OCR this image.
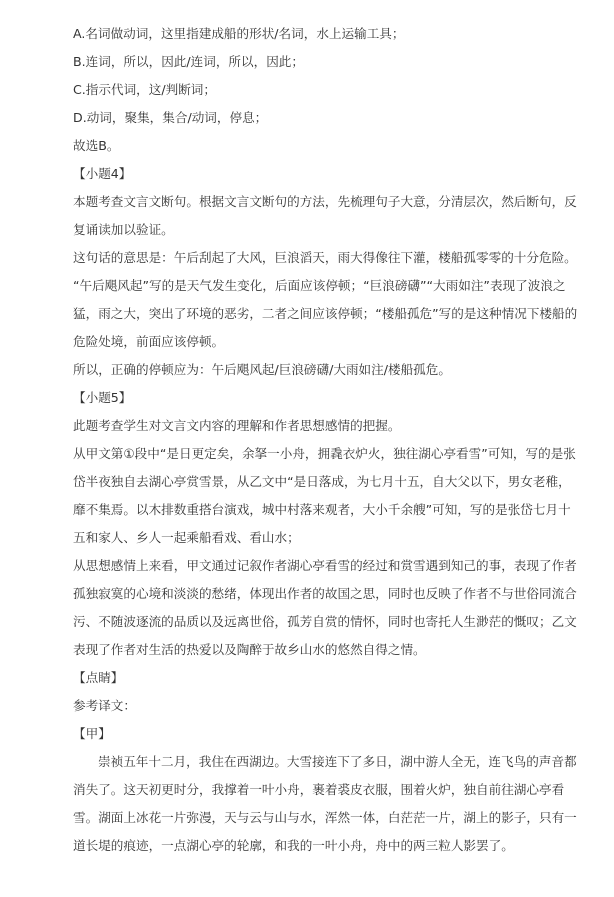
A.名词做动词，这里指建成船的形状/名词，水上运输工具；

B.连词，所以，因此/连词，所以，因此；

C.指示代词，这/判断词；

D.动词，聚集，集合/动词，停息；

故选B。

【小题4】

本题考查文言文断句。根据文言文断句的方法，先梳理句子大意，分清层次，然后断句，反复诵读加以验证。

这句话的意思是：午后刮起了大风，巨浪滔天，雨大得像往下灌，楼船孤零零的十分危险。

“午后飓风起”写的是天气发生变化，后面应该停顿；“巨浪磅礴”“大雨如注”表现了波浪之猛，雨之大，突出了环境的恶劣，二者之间应该停顿；“楼船孤危”写的是这种情况下楼船的危险处境，前面应该停顿。

所以，正确的停顿应为：午后飓风起/巨浪磅礴/大雨如注/楼船孤危。

【小题5】

此题考查学生对文言文内容的理解和作者思想感情的把握。

从甲文第①段中“是日更定矣，余拏一小舟，拥毳衣炉火，独往湖心亭看雪”可知，写的是张岱半夜独自去湖心亭赏雪景，从乙文中“是日落成，为七月十五，自大父以下，男女老稚，靡不集焉。以木排数重搭台演戏，城中村落来观者，大小千余艘”可知，写的是张岱七月十五和家人、乡人一起乘船看戏、看山水；

从思想感情上来看，甲文通过记叙作者湖心亭看雪的经过和赏雪遇到知己的事，表现了作者孤独寂寞的心境和淡淡的愁绪，体现出作者的故国之思，同时也反映了作者不与世俗同流合污、不随波逐流的品质以及远离世俗，孤芳自赏的情怀，同时也寄托人生渺茫的慨叹；乙文表现了作者对生活的热爱以及陶醉于故乡山水的悠然自得之情。

【点睛】

参考译文：

【甲】

崇祯五年十二月，我住在西湖边。大雪接连下了多日，湖中游人全无，连飞鸟的声音都消失了。这天初更时分，我撑着一叶小舟，裹着裘皮衣服，围着火炉，独自前往湖心亭看雪。湖面上冰花一片弥漫，天与云与山与水，浑然一体，白茫茫一片，湖上的影子，只有一道长堤的痕迹，一点湖心亭的轮廓，和我的一叶小舟，舟中的两三粒人影罢了。
